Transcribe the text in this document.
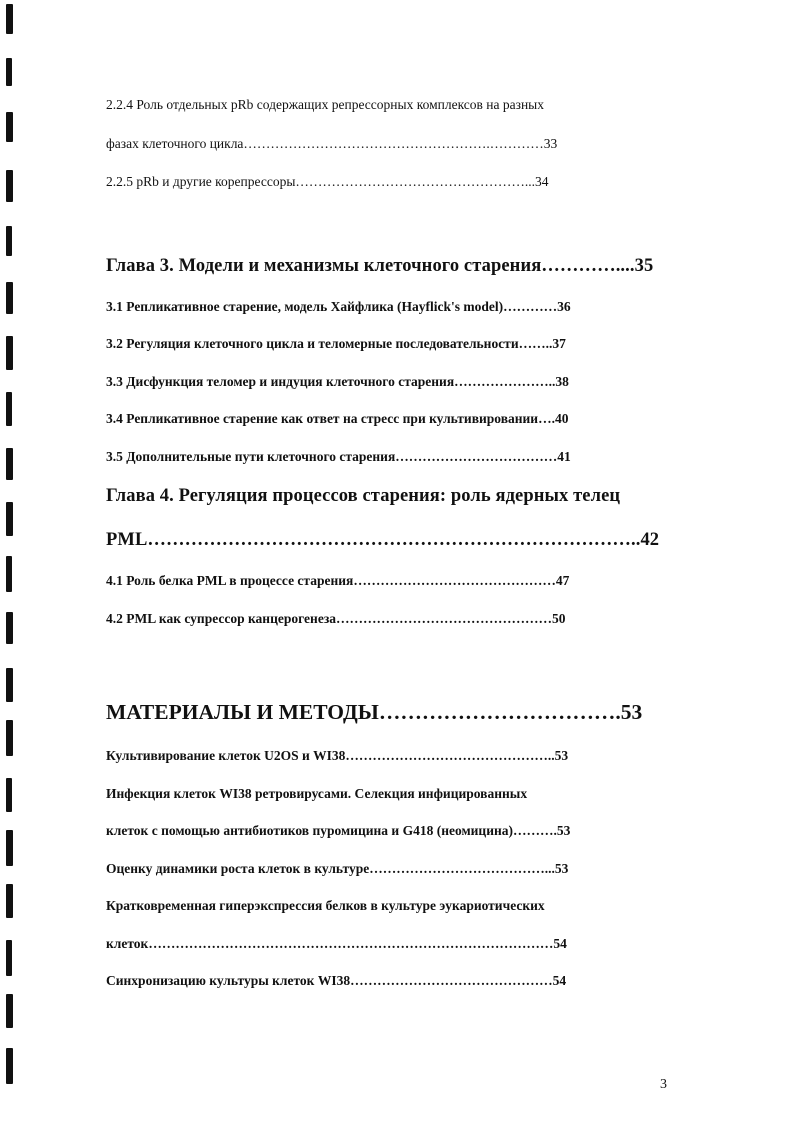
2.2.4 Роль отдельных pRb содержащих репрессорных комплексов на разных
фазах клеточного цикла……………………………………………….…………33
2.2.5 pRb и другие корепрессоры……………………………………………...34
Глава 3. Модели и механизмы клеточного старения…………....35
3.1 Репликативное старение, модель Хайфлика (Hayflick's model)…………36
3.2 Регуляция клеточного цикла и теломерные последовательности……..37
3.3 Дисфункция теломер и индуция клеточного старения…………………..38
3.4 Репликативное старение как ответ на стресс при культивировании….40
3.5 Дополнительные пути клеточного старения………………………………41
Глава 4. Регуляция процессов старения: роль ядерных телец
PML……………………………………………………………………..42
4.1 Роль белка PML в процессе старения………………………………………47
4.2 PML как супрессор канцерогенеза…………………………………………50
МАТЕРИАЛЫ И МЕТОДЫ…………………………….53
Культивирование клеток U2OS и WI38………………………………………..53
Инфекция клеток WI38 ретровирусами. Селекция инфицированных
клеток с помощью антибиотиков пуромицина и G418 (неомицина)……….53
Оценку динамики роста клеток в культуре…………………………………...53
Кратковременная гиперэкспрессия белков в культуре эукариотических
клеток………………………………………………………………………………54
Синхронизацию культуры клеток WI38………………………………………54
3
